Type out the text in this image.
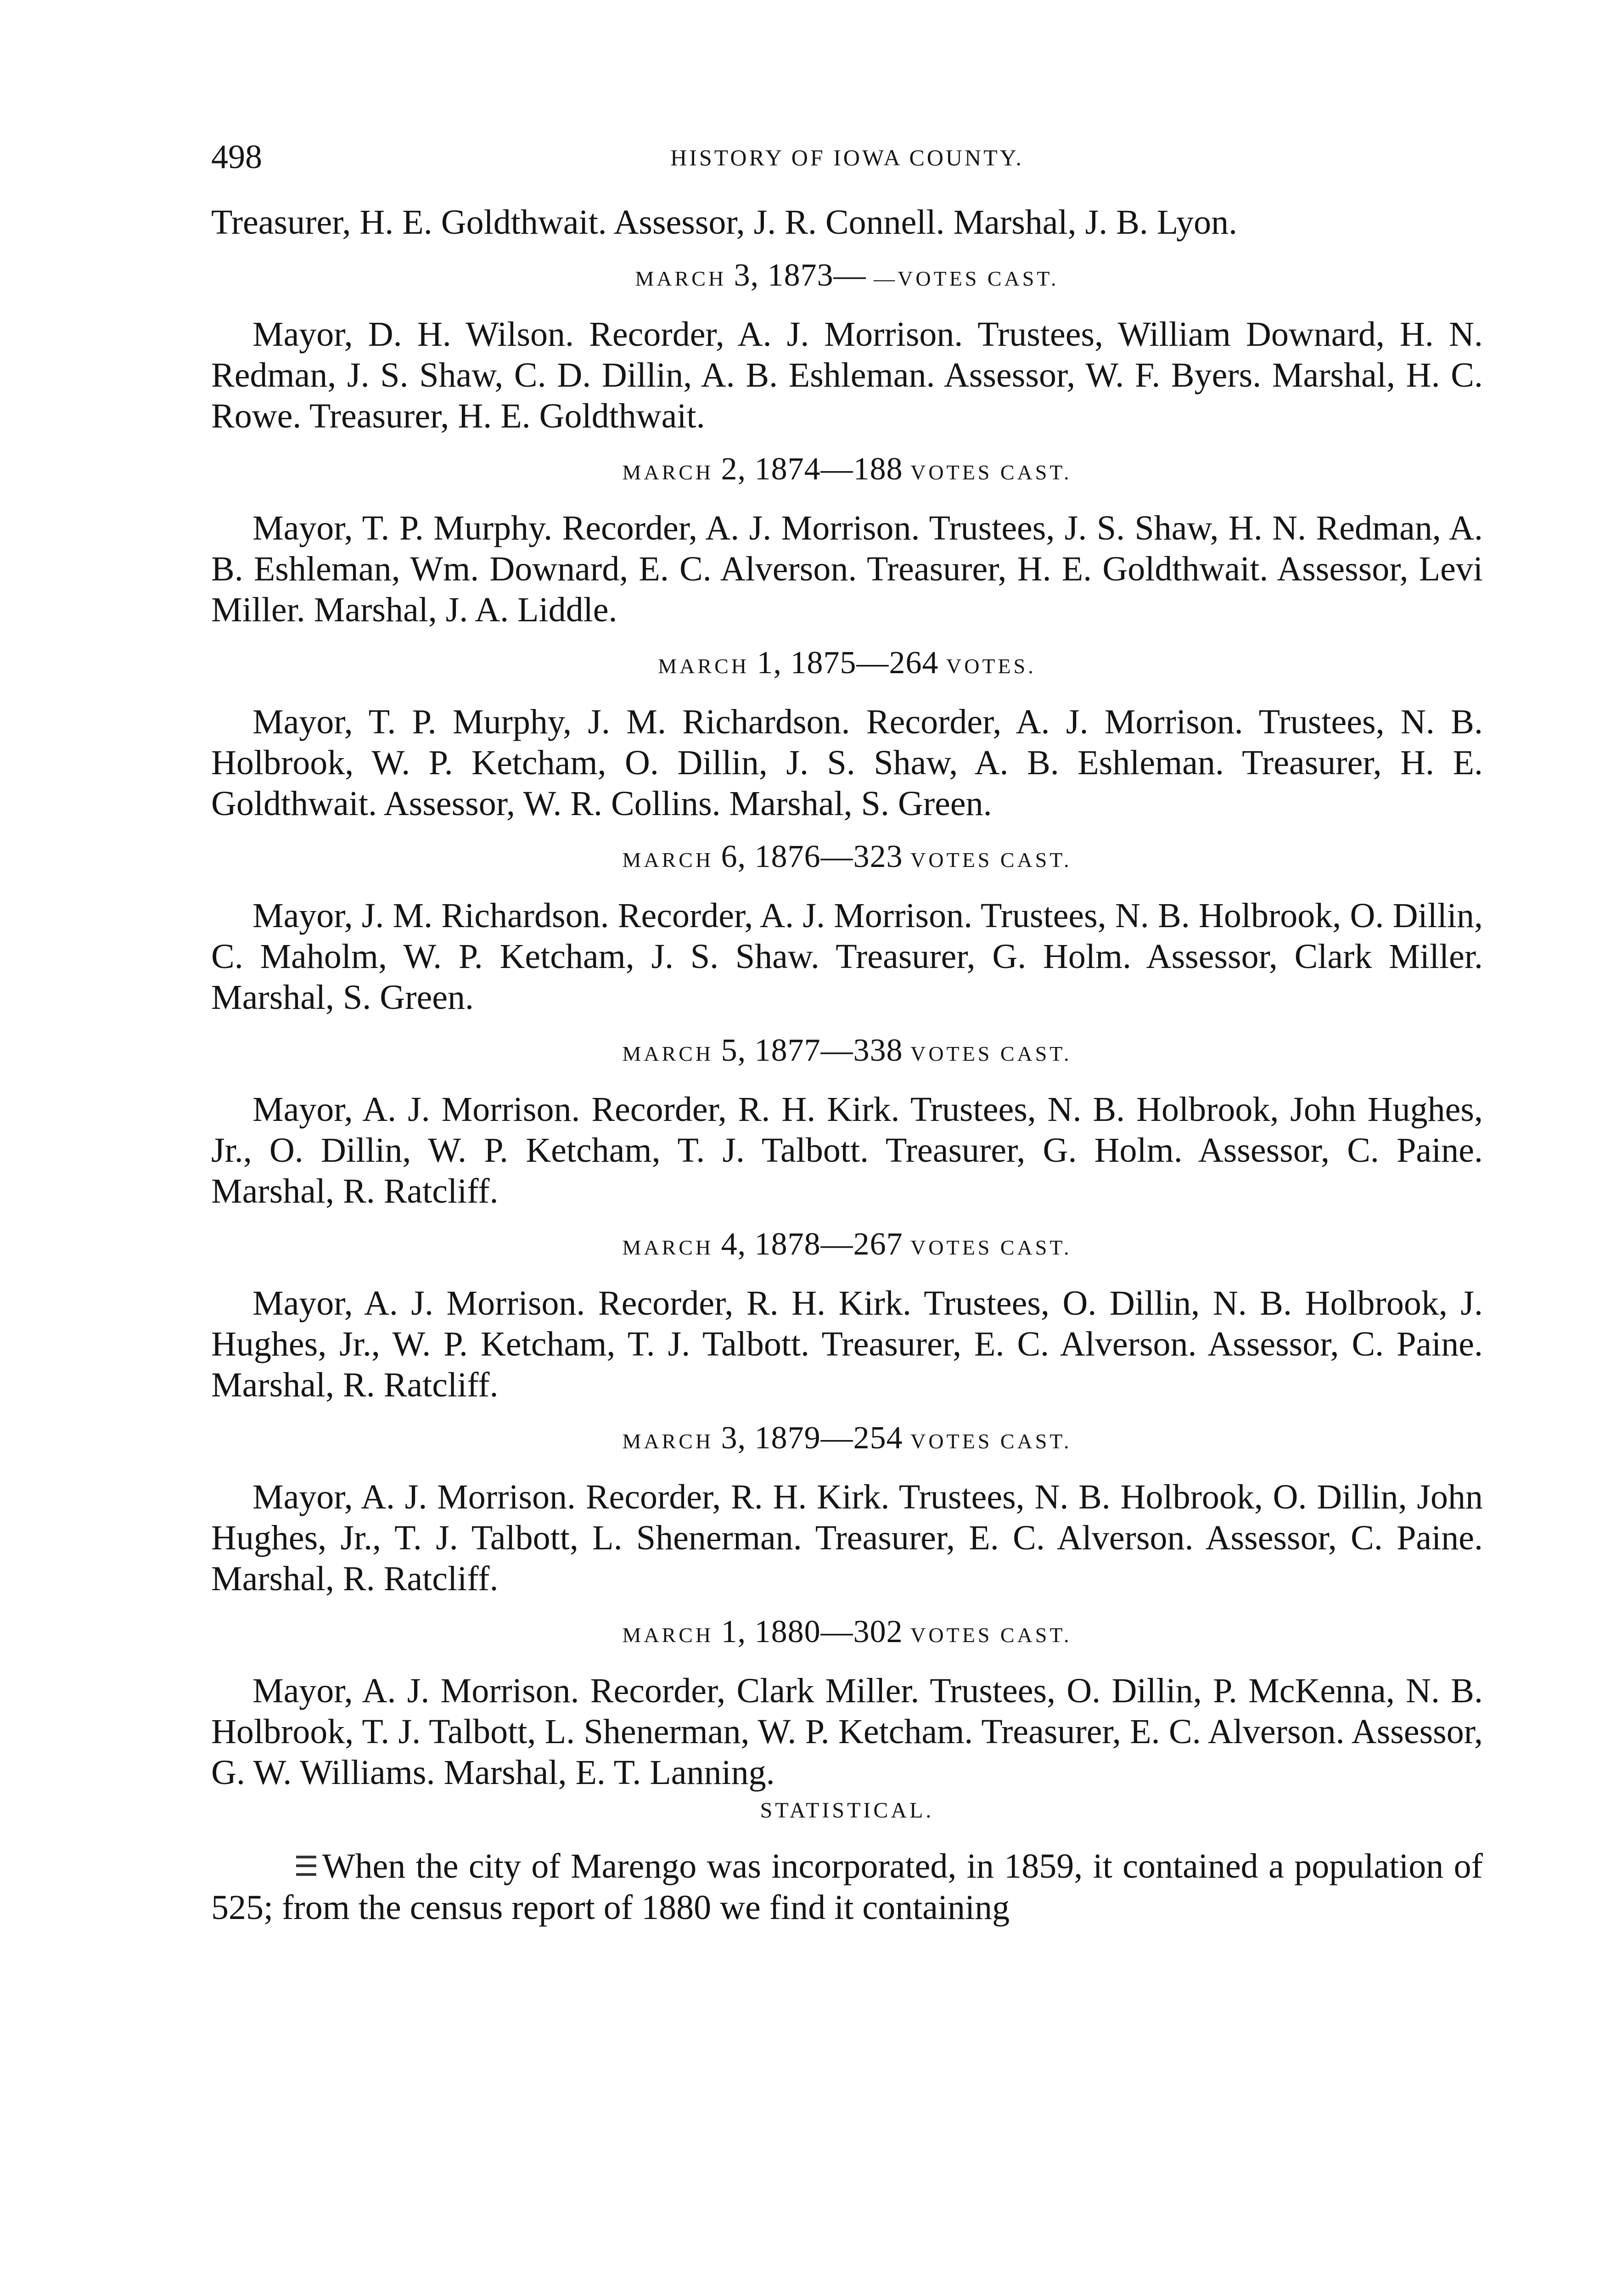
498	HISTORY OF IOWA COUNTY.

Treasurer, H. E. Goldthwait. Assessor, J. R. Connell. Marshal, J. B. Lyon.

MARCH 3, 1873— —VOTES CAST.

Mayor, D. H. Wilson. Recorder, A. J. Morrison. Trustees, William Downard, H. N. Redman, J. S. Shaw, C. D. Dillin, A. B. Eshleman. Assessor, W. F. Byers. Marshal, H. C. Rowe. Treasurer, H. E. Goldthwait.

MARCH 2, 1874—188 VOTES CAST.

Mayor, T. P. Murphy. Recorder, A. J. Morrison. Trustees, J. S. Shaw, H. N. Redman, A. B. Eshleman, Wm. Downard, E. C. Alverson. Treasurer, H. E. Goldthwait. Assessor, Levi Miller. Marshal, J. A. Liddle.

MARCH 1, 1875—264 VOTES.

Mayor, T. P. Murphy, J. M. Richardson. Recorder, A. J. Morrison. Trustees, N. B. Holbrook, W. P. Ketcham, O. Dillin, J. S. Shaw, A. B. Eshleman. Treasurer, H. E. Goldthwait. Assessor, W. R. Collins. Marshal, S. Green.

MARCH 6, 1876—323 VOTES CAST.

Mayor, J. M. Richardson. Recorder, A. J. Morrison. Trustees, N. B. Holbrook, O. Dillin, C. Maholm, W. P. Ketcham, J. S. Shaw. Treasurer, G. Holm. Assessor, Clark Miller. Marshal, S. Green.

MARCH 5, 1877—338 VOTES CAST.

Mayor, A. J. Morrison. Recorder, R. H. Kirk. Trustees, N. B. Holbrook, John Hughes, Jr., O. Dillin, W. P. Ketcham, T. J. Talbott. Treasurer, G. Holm. Assessor, C. Paine. Marshal, R. Ratcliff.

MARCH 4, 1878—267 VOTES CAST.

Mayor, A. J. Morrison. Recorder, R. H. Kirk. Trustees, O. Dillin, N. B. Holbrook, J. Hughes, Jr., W. P. Ketcham, T. J. Talbott. Treasurer, E. C. Alverson. Assessor, C. Paine. Marshal, R. Ratcliff.

MARCH 3, 1879—254 VOTES CAST.

Mayor, A. J. Morrison. Recorder, R. H. Kirk. Trustees, N. B. Holbrook, O. Dillin, John Hughes, Jr., T. J. Talbott, L. Shenerman. Treasurer, E. C. Alverson. Assessor, C. Paine. Marshal, R. Ratcliff.

MARCH 1, 1880—302 VOTES CAST.

Mayor, A. J. Morrison. Recorder, Clark Miller. Trustees, O. Dillin, P. McKenna, N. B. Holbrook, T. J. Talbott, L. Shenerman, W. P. Ketcham. Treasurer, E. C. Alverson. Assessor, G. W. Williams. Marshal, E. T. Lanning.

STATISTICAL.

☰ When the city of Marengo was incorporated, in 1859, it contained a population of 525; from the census report of 1880 we find it containing
